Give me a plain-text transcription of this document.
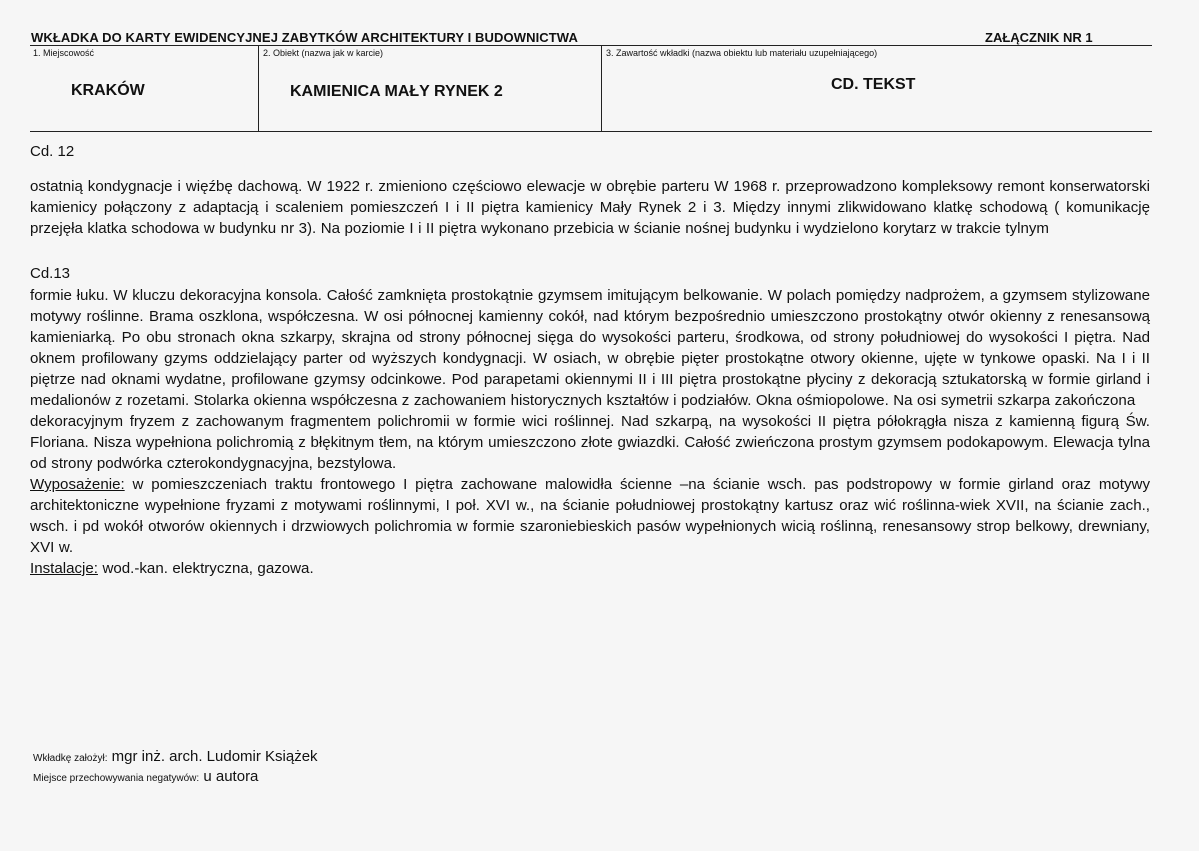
WKŁADKA DO KARTY EWIDENCYJNEJ ZABYTKÓW ARCHITEKTURY I BUDOWNICTWA	ZAŁĄCZNIK NR 1
1. Miejscowość
KRAKÓW
2. Obiekt (nazwa jak w karcie)
KAMIENICA MAŁY RYNEK 2
3. Zawartość wkładki (nazwa obiektu lub materiału uzupełniającego)
CD. TEKST
Cd. 12

ostatnią kondygnacje i więźbę dachową. W 1922 r. zmieniono częściowo elewacje w obrębie parteru W 1968 r. przeprowadzono kompleksowy remont konserwatorski kamienicy połączony z adaptacją i scaleniem pomieszczeń I i II piętra kamienicy Mały Rynek 2 i 3. Między innymi zlikwidowano klatkę schodową ( komunikację przejęła klatka schodowa w budynku nr 3). Na poziomie I i II piętra wykonano przebicia w ścianie nośnej budynku i wydzielono korytarz w trakcie tylnym

Cd.13

formie łuku. W kluczu dekoracyjna konsola. Całość zamknięta prostokątnie gzymsem imitującym belkowanie. W polach pomiędzy nadprożem, a gzymsem stylizowane motywy roślinne. Brama oszklona, współczesna. W osi północnej kamienny cokół, nad którym bezpośrednio umieszczono prostokątny otwór okienny z renesansową kamieniarką. Po obu stronach okna szkarpy, skrajna od strony północnej sięga do wysokości parteru, środkowa, od strony południowej do wysokości I piętra. Nad oknem profilowany gzyms oddzielający parter od wyższych kondygnacji. W osiach, w obrębie pięter prostokątne otwory okienne, ujęte w tynkowe opaski. Na I i II piętrze nad oknami wydatne, profilowane gzymsy odcinkowe. Pod parapetami okiennymi II i III piętra prostokątne płyciny z dekoracją sztukatorską w formie girland i medalionów z rozetami. Stolarka okienna współczesna z zachowaniem historycznych kształtów i podziałów. Okna ośmiopolowe. Na osi symetrii szkarpa zakończona

dekoracyjnym fryzem z zachowanym fragmentem polichromii w formie wici roślinnej. Nad szkarpą, na wysokości II piętra półokrągła nisza z kamienną figurą Św. Floriana. Nisza wypełniona polichromią z błękitnym tłem, na którym umieszczono złote gwiazdki. Całość zwieńczona prostym gzymsem podokapowym. Elewacja tylna od strony podwórka czterokondygnacyjna, bezstylowa.

Wyposażenie: w pomieszczeniach traktu frontowego I piętra zachowane malowidła ścienne –na ścianie wsch. pas podstropowy w formie girland oraz motywy architektoniczne wypełnione fryzami z motywami roślinnymi, I poł. XVI w., na ścianie południowej prostokątny kartusz oraz wić roślinna-wiek XVII, na ścianie zach., wsch. i pd wokół otworów okiennych i drzwiowych polichromia w formie szaroniebieskich pasów wypełnionych wicią roślinną, renesansowy strop belkowy, drewniany, XVI w.

Instalacje: wod.-kan. elektryczna, gazowa.

Wkładkę założył: mgr inż. arch. Ludomir Książek
Miejsce przechowywania negatywów: u autora
